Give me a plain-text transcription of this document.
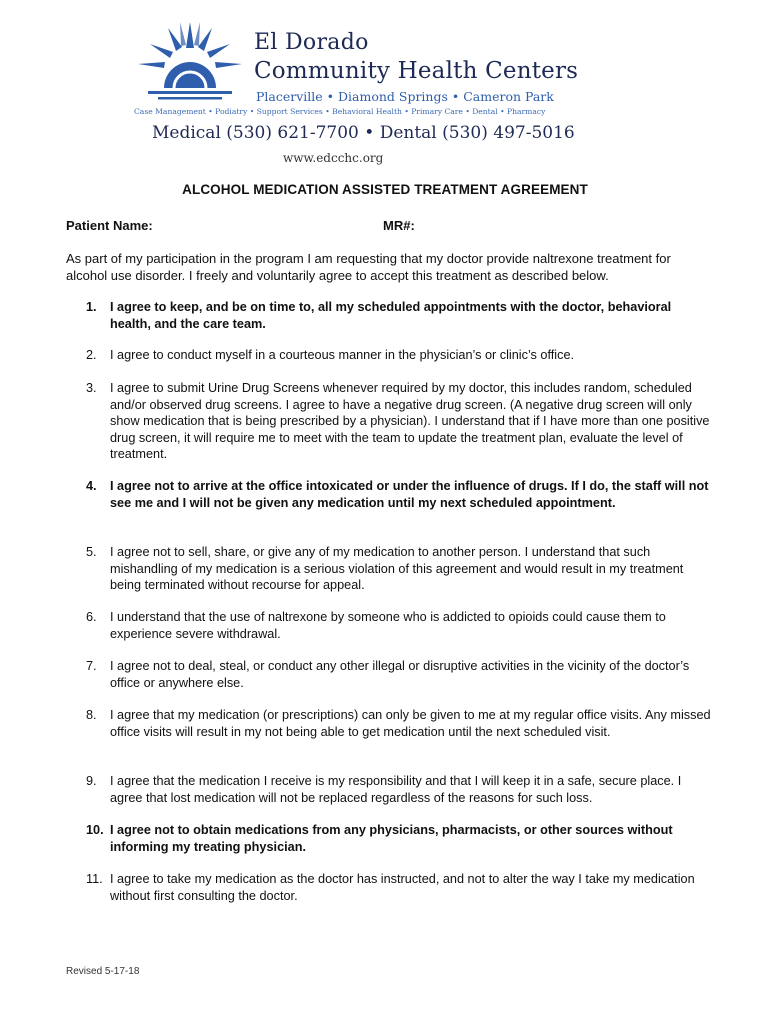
El Dorado
Community Health Centers
Placerville • Diamond Springs • Cameron Park
Case Management • Podiatry • Support Services • Behavioral Health • Primary Care • Dental • Pharmacy
Medical (530) 621-7700 • Dental (530) 497-5016
www.edcchc.org
ALCOHOL MEDICATION ASSISTED TREATMENT AGREEMENT
Patient Name:	MR#:
As part of my participation in the program I am requesting that my doctor provide naltrexone treatment for alcohol use disorder. I freely and voluntarily agree to accept this treatment as described below.
1.	I agree to keep, and be on time to, all my scheduled appointments with the doctor, behavioral health, and the care team.
2.	I agree to conduct myself in a courteous manner in the physician’s or clinic’s office.
3.	I agree to submit Urine Drug Screens whenever required by my doctor, this includes random, scheduled and/or observed drug screens. I agree to have a negative drug screen. (A negative drug screen will only show medication that is being prescribed by a physician). I understand that if I have more than one positive drug screen, it will require me to meet with the team to update the treatment plan, evaluate the level of treatment.
4.	I agree not to arrive at the office intoxicated or under the influence of drugs. If I do, the staff will not see me and I will not be given any medication until my next scheduled appointment.
5.	I agree not to sell, share, or give any of my medication to another person. I understand that such mishandling of my medication is a serious violation of this agreement and would result in my treatment being terminated without recourse for appeal.
6.	I understand that the use of naltrexone by someone who is addicted to opioids could cause them to experience severe withdrawal.
7.	I agree not to deal, steal, or conduct any other illegal or disruptive activities in the vicinity of the doctor’s office or anywhere else.
8.	I agree that my medication (or prescriptions) can only be given to me at my regular office visits. Any missed office visits will result in my not being able to get medication until the next scheduled visit.
9.	I agree that the medication I receive is my responsibility and that I will keep it in a safe, secure place. I agree that lost medication will not be replaced regardless of the reasons for such loss.
10. I agree not to obtain medications from any physicians, pharmacists, or other sources without informing my treating physician.
11. I agree to take my medication as the doctor has instructed, and not to alter the way I take my medication without first consulting the doctor.
Revised 5-17-18
